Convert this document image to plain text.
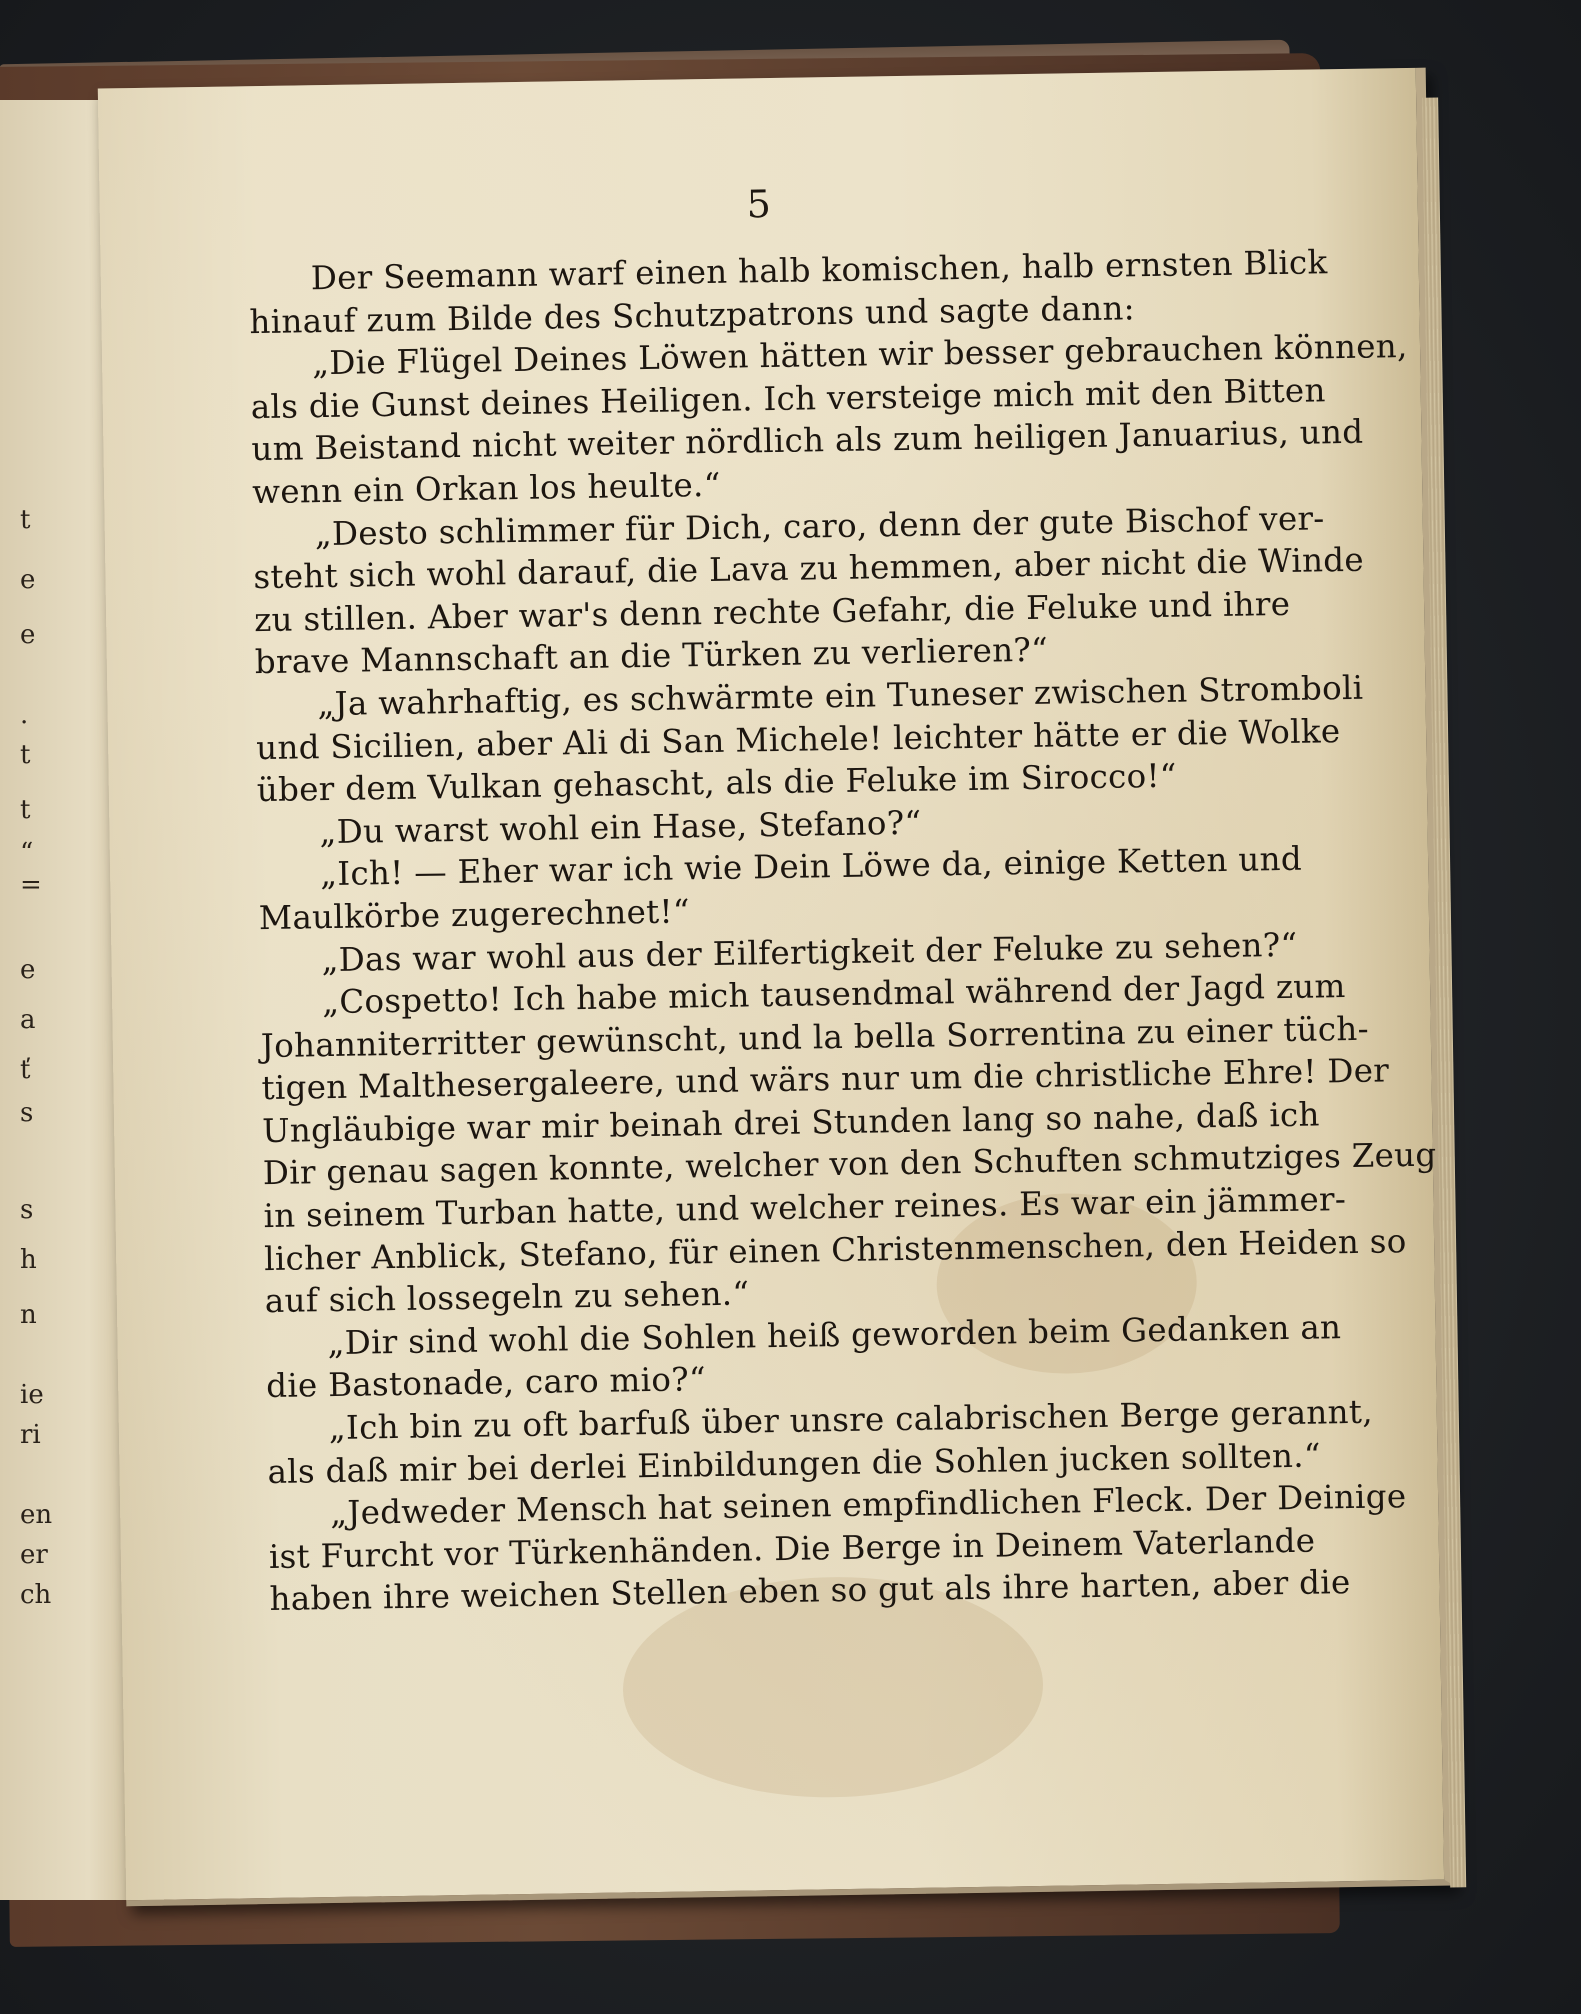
t
e
e
.
t
t
“
=
e
a
ť
s
s
h
n
ie
ri
en
er
ch
5
Der Seemann warf einen halb komischen, halb ernsten Blick
hinauf zum Bilde des Schutzpatrons und sagte dann:
„Die Flügel Deines Löwen hätten wir besser gebrauchen können,
als die Gunst deines Heiligen. Ich versteige mich mit den Bitten
um Beistand nicht weiter nördlich als zum heiligen Januarius, und
wenn ein Orkan los heulte.“
„Desto schlimmer für Dich, caro, denn der gute Bischof ver-
steht sich wohl darauf, die Lava zu hemmen, aber nicht die Winde
zu stillen. Aber war's denn rechte Gefahr, die Feluke und ihre
brave Mannschaft an die Türken zu verlieren?“
„Ja wahrhaftig, es schwärmte ein Tuneser zwischen Stromboli
und Sicilien, aber Ali di San Michele! leichter hätte er die Wolke
über dem Vulkan gehascht, als die Feluke im Sirocco!“
„Du warst wohl ein Hase, Stefano?“
„Ich! — Eher war ich wie Dein Löwe da, einige Ketten und
Maulkörbe zugerechnet!“
„Das war wohl aus der Eilfertigkeit der Feluke zu sehen?“
„Cospetto! Ich habe mich tausendmal während der Jagd zum
Johanniterritter gewünscht, und la bella Sorrentina zu einer tüch-
tigen Malthesergaleere, und wärs nur um die christliche Ehre! Der
Ungläubige war mir beinah drei Stunden lang so nahe, daß ich
Dir genau sagen konnte, welcher von den Schuften schmutziges Zeug
in seinem Turban hatte, und welcher reines. Es war ein jämmer-
licher Anblick, Stefano, für einen Christenmenschen, den Heiden so
auf sich lossegeln zu sehen.“
„Dir sind wohl die Sohlen heiß geworden beim Gedanken an
die Bastonade, caro mio?“
„Ich bin zu oft barfuß über unsre calabrischen Berge gerannt,
als daß mir bei derlei Einbildungen die Sohlen jucken sollten.“
„Jedweder Mensch hat seinen empfindlichen Fleck. Der Deinige
ist Furcht vor Türkenhänden. Die Berge in Deinem Vaterlande
haben ihre weichen Stellen eben so gut als ihre harten, aber die
